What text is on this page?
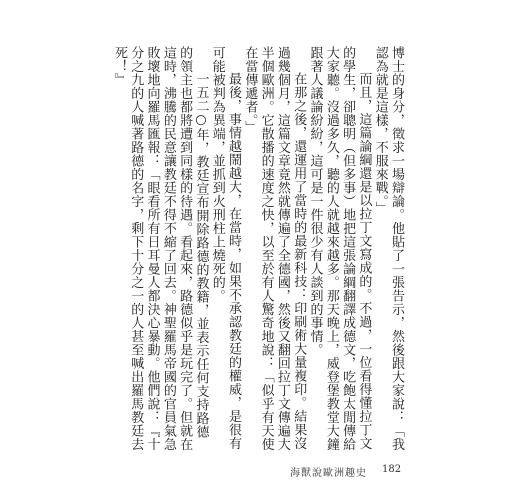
博士的身分，徵求一場辯論。他貼了一張告示，然後跟大家說：「我認為就是這樣，不服來戰。」

而且，這篇論綱還是以拉丁文寫成的。不過，一位看得懂拉丁文的學生，卻聰明（但多事）地把這張論綱翻譯成德文，吃飽太閒傳給大家聽。沒過多久，聽的人就越來越多。那天晚上，威登堡教堂大鐘跟著人議論紛紛，這可是一件很少有人談到的事情。

在那之後，還運用了當時的最新科技：印刷術大量複印。結果沒過幾個月，這篇文章竟然就傳遍了全德國，然後又翻回拉丁文傳遍大半個歐洲。它散播的速度之快，以至於有人驚奇地說：「似乎有天使在當傳遞者。」

最後，事情越鬧越大，在當時，如果不承認教廷的權威，是很有可能被判為異端，並抓到火刑柱上燒死的。

一五二○年，教廷宣布開除路德的教籍，並表示任何支持路德的領主也都將遭到同樣的待遇。看起來，路德似乎是玩完了。但就在這時，沸騰的民意讓教廷不得不縮了回去。神聖羅馬帝國的官員氣急敗壞地向羅馬匯報：「眼看所有日耳曼人都決心暴動。他們說：『十分之九的人喊著路德的名字，剩下十分之一的人甚至喊出羅馬教廷去死！』

海獸說歐洲趣史 182
